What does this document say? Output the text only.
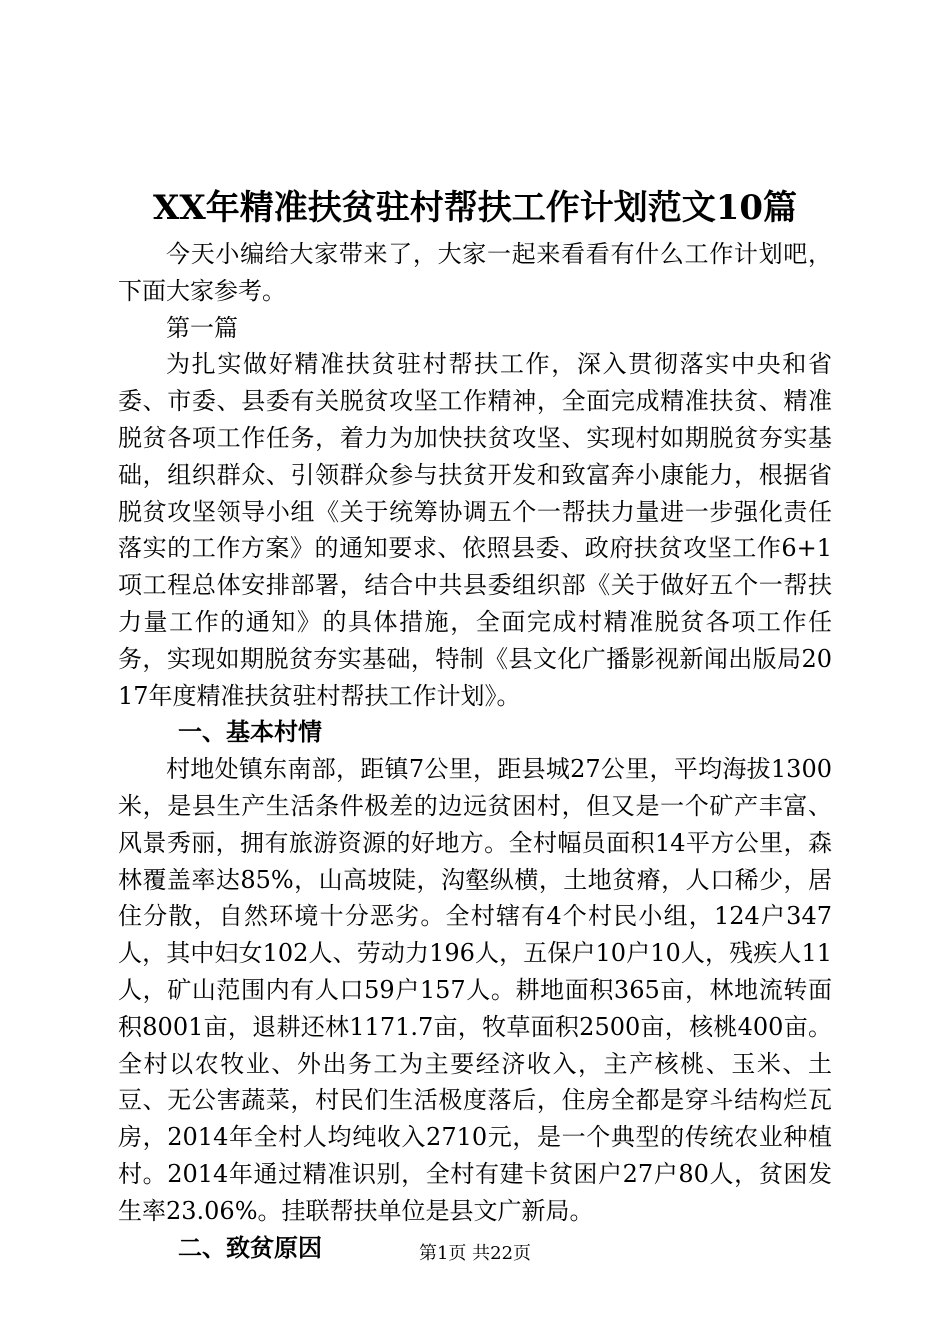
XX年精准扶贫驻村帮扶工作计划范文10篇

今天小编给大家带来了，大家一起来看看有什么工作计划吧，下面大家参考。

第一篇

为扎实做好精准扶贫驻村帮扶工作，深入贯彻落实中央和省委、市委、县委有关脱贫攻坚工作精神，全面完成精准扶贫、精准脱贫各项工作任务，着力为加快扶贫攻坚、实现村如期脱贫夯实基础，组织群众、引领群众参与扶贫开发和致富奔小康能力，根据省脱贫攻坚领导小组《关于统筹协调五个一帮扶力量进一步强化责任落实的工作方案》的通知要求、依照县委、政府扶贫攻坚工作6+1项工程总体安排部署，结合中共县委组织部《关于做好五个一帮扶力量工作的通知》的具体措施，全面完成村精准脱贫各项工作任务，实现如期脱贫夯实基础，特制《县文化广播影视新闻出版局2017年度精准扶贫驻村帮扶工作计划》。

一、基本村情

村地处镇东南部，距镇7公里，距县城27公里，平均海拔1300米，是县生产生活条件极差的边远贫困村，但又是一个矿产丰富、风景秀丽，拥有旅游资源的好地方。全村幅员面积14平方公里，森林覆盖率达85%，山高坡陡，沟壑纵横，土地贫瘠，人口稀少，居住分散，自然环境十分恶劣。全村辖有4个村民小组，124户347人，其中妇女102人、劳动力196人，五保户10户10人，残疾人11人，矿山范围内有人口59户157人。耕地面积365亩，林地流转面积8001亩，退耕还林1171.7亩，牧草面积2500亩，核桃400亩。全村以农牧业、外出务工为主要经济收入，主产核桃、玉米、土豆、无公害蔬菜，村民们生活极度落后，住房全都是穿斗结构烂瓦房，2014年全村人均纯收入2710元，是一个典型的传统农业种植村。2014年通过精准识别，全村有建卡贫困户27户80人，贫困发生率23.06%。挂联帮扶单位是县文广新局。

二、致贫原因	第1页 共22页
